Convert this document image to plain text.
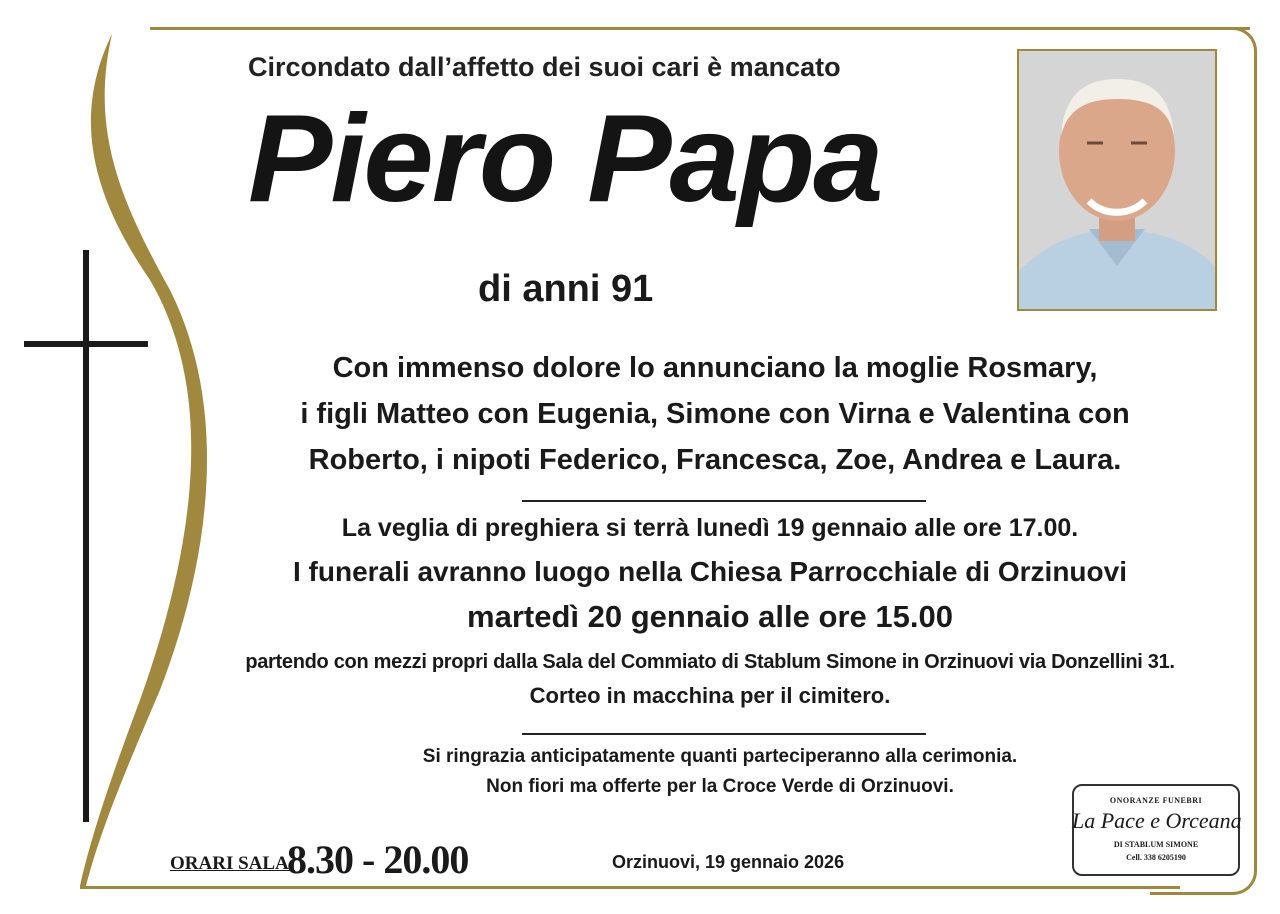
Circondato dall’affetto dei suoi cari è mancato
Piero Papa
di anni 91
Con immenso dolore lo annunciano la moglie Rosmary,
i figli Matteo con Eugenia, Simone con Virna e Valentina con
Roberto, i nipoti Federico, Francesca, Zoe, Andrea e Laura.
La veglia di preghiera si terrà lunedì 19 gennaio alle ore 17.00.
I funerali avranno luogo nella Chiesa Parrocchiale di Orzinuovi
martedì 20 gennaio alle ore 15.00
partendo con mezzi propri dalla Sala del Commiato di Stablum Simone in Orzinuovi via Donzellini 31.
Corteo in macchina per il cimitero.
Si ringrazia anticipatamente quanti parteciperanno alla cerimonia.
Non fiori ma offerte per la Croce Verde di Orzinuovi.
ORARI SALA:
8.30 - 20.00	Orzinuovi, 19 gennaio 2026
ONORANZE FUNEBRI
La Pace e Orceana
DI STABLUM SIMONE
Cell. 338 6205190
